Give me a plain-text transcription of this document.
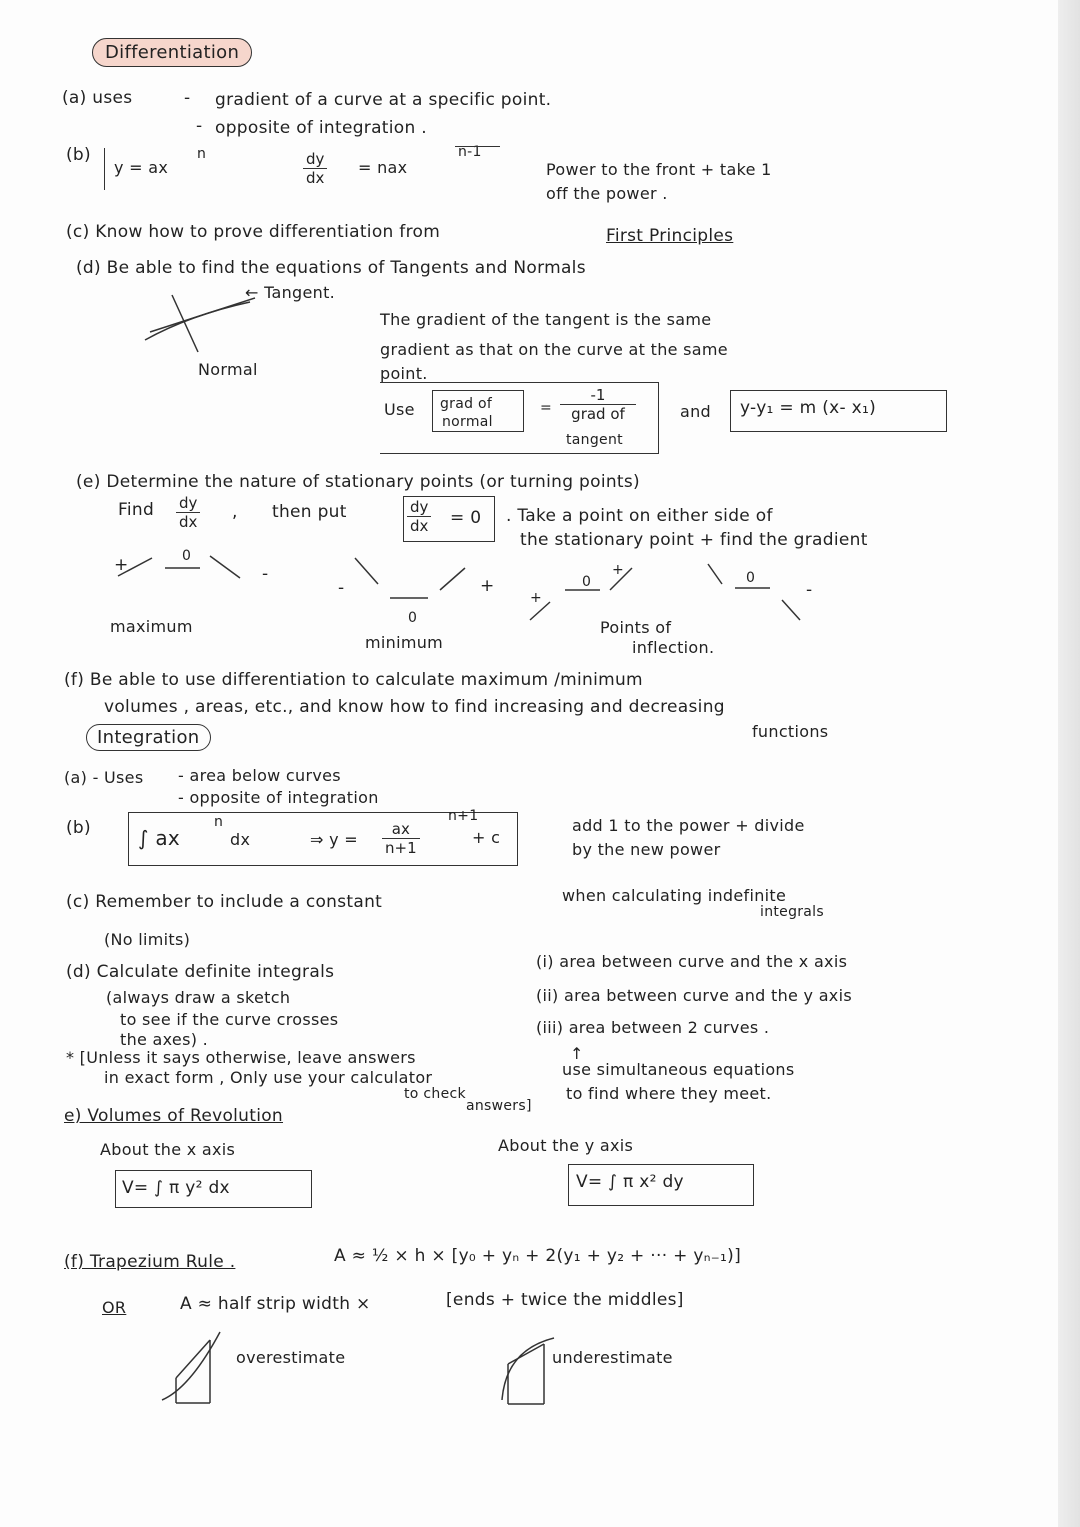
Differentiation
(a) uses	- gradient of a curve at a specific point.
- opposite of integration .
(b)
y = ax
n	$\frac{dy}{dx}$ = nax
n-1
Power to the front + take 1
off the power .
(c) Know how to prove differentiation from	First Principles
(d) Be able to find the equations of Tangents and Normals
← Tangent.
Normal
The gradient of the tangent is the same
gradient as that on the curve at the same
point.
Use grad of
normal
=
-1
grad of
tangent
and y-y₁ = m (x- x₁)
(e) Determine the nature of stationary points (or turning points)
Find $\frac{dy}{dx}$ , then put	$\frac{dy}{dx} = 0$ . Take a point on either side of
the stationary point + find the gradient
+	0
-
-
0
+
+
0
+	0
-
maximum
minimum
Points of
inflection.
(f) Be able to use differentiation to calculate maximum /minimum
volumes , areas, etc., and know how to find increasing and decreasing
functions
Integration
(a) - Uses - area below curves
- opposite of integration
(b) ∫ ax
n
dx	⇒ $y = \frac{ax}{n+1}$
n+1
+ c
add 1 to the power + divide
by the new power
(c) Remember to include a constant	when calculating indefinite
integrals
(No limits)
(d) Calculate definite integrals
(always draw a sketch
to see if the curve crosses
the axes) .
* [Unless it says otherwise, leave answers
in exact form , Only use your calculator
to check
answers]
(i) area between curve and the x axis
(ii) area between curve and the y axis
(iii) area between 2 curves .
↑
use simultaneous equations
to find where they meet.
e) Volumes of Revolution
About the x axis
V= ∫ π y² dx
About the y axis
V= ∫ π x² dy
(f) Trapezium Rule .	A ≈ ½ × h × [y₀ + yₙ + 2(y₁ + y₂ + ··· + yₙ₋₁)]
OR	A ≈ half strip width ×	[ends + twice the middles]
overestimate	underestimate
